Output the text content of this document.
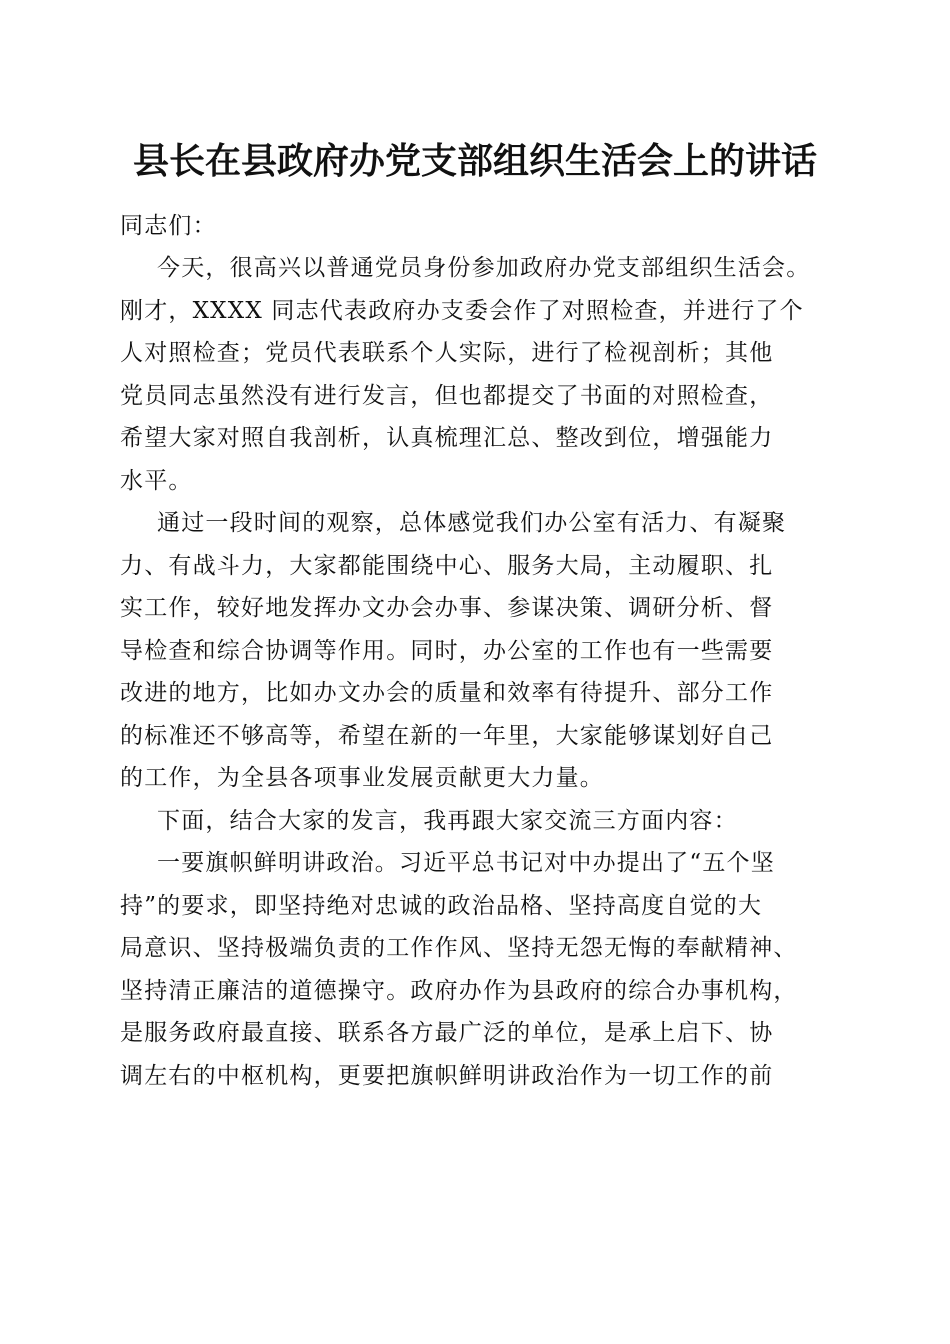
县长在县政府办党支部组织生活会上的讲话
同志们：
今天，很高兴以普通党员身份参加政府办党支部组织生活会。
刚才，XXXX 同志代表政府办支委会作了对照检查，并进行了个
人对照检查；党员代表联系个人实际，进行了检视剖析；其他
党员同志虽然没有进行发言，但也都提交了书面的对照检查，
希望大家对照自我剖析，认真梳理汇总、整改到位，增强能力
水平。
通过一段时间的观察，总体感觉我们办公室有活力、有凝聚
力、有战斗力，大家都能围绕中心、服务大局，主动履职、扎
实工作，较好地发挥办文办会办事、参谋决策、调研分析、督
导检查和综合协调等作用。同时，办公室的工作也有一些需要
改进的地方，比如办文办会的质量和效率有待提升、部分工作
的标准还不够高等，希望在新的一年里，大家能够谋划好自己
的工作，为全县各项事业发展贡献更大力量。
下面，结合大家的发言，我再跟大家交流三方面内容：
一要旗帜鲜明讲政治。习近平总书记对中办提出了“五个坚
持”的要求，即坚持绝对忠诚的政治品格、坚持高度自觉的大
局意识、坚持极端负责的工作作风、坚持无怨无悔的奉献精神、
坚持清正廉洁的道德操守。政府办作为县政府的综合办事机构，
是服务政府最直接、联系各方最广泛的单位，是承上启下、协
调左右的中枢机构，更要把旗帜鲜明讲政治作为一切工作的前
